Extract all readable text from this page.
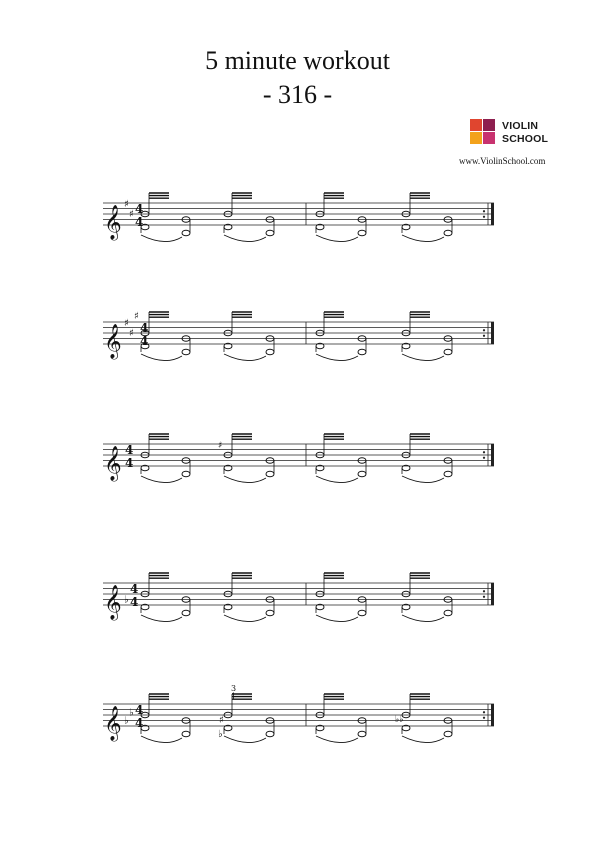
5 minute workout
- 316 -
VIOLIN
SCHOOL
www.ViolinSchool.com
𝄞
♯
♯ 4
4
𝄞
♯
♯
♯
4
4
𝄞 4
4
𝄞 ♭
4
4
𝄞 ♭
♭ 4
4
3
1
♯
♭
♭♭
♯
